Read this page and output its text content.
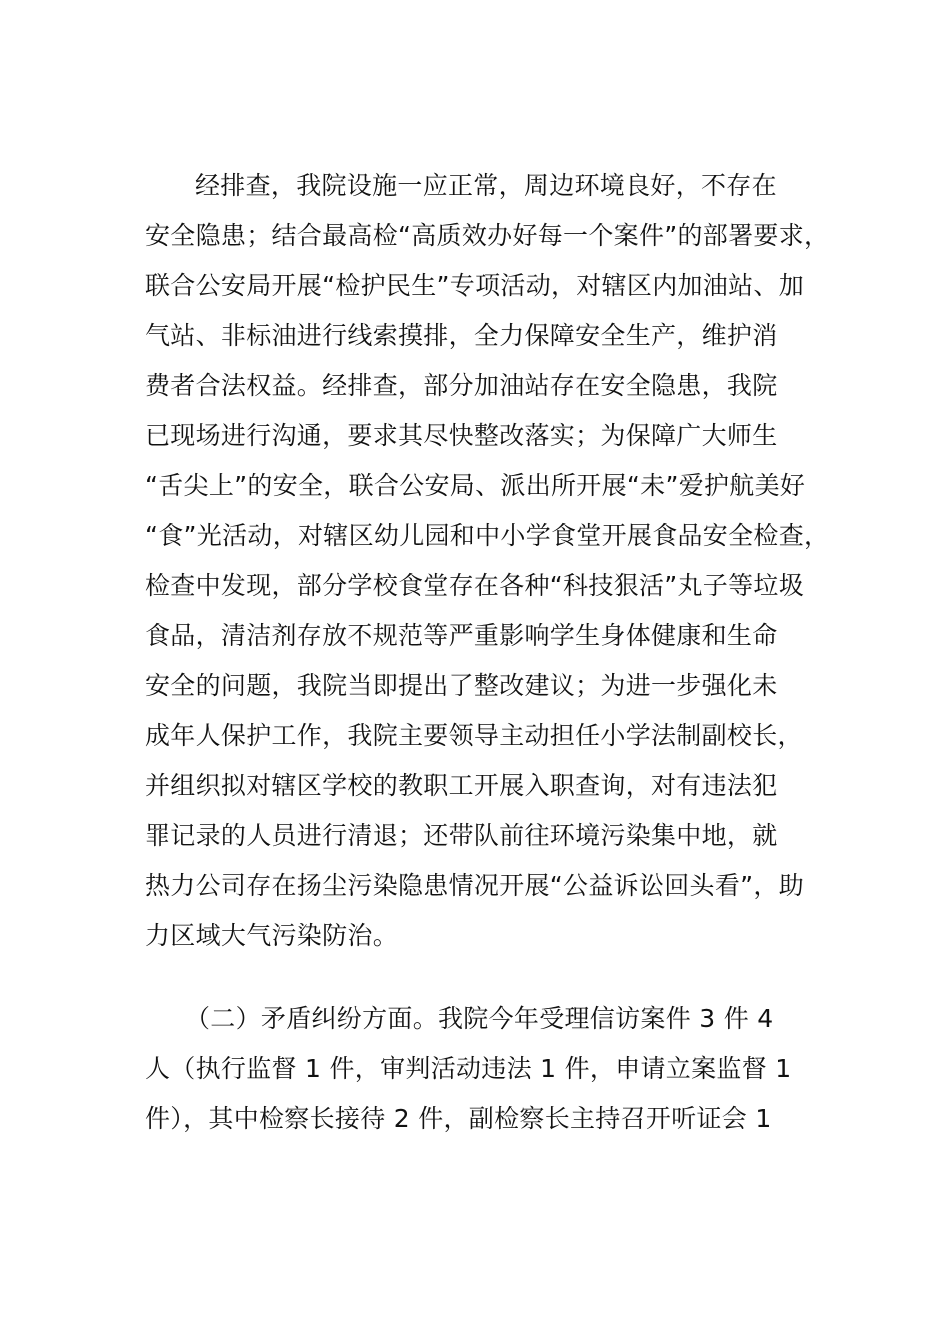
经排查，我院设施一应正常，周边环境良好，不存在
安全隐患；结合最高检“高质效办好每一个案件”的部署要求，
联合公安局开展“检护民生”专项活动，对辖区内加油站、加
气站、非标油进行线索摸排，全力保障安全生产，维护消
费者合法权益。经排查，部分加油站存在安全隐患，我院
已现场进行沟通，要求其尽快整改落实；为保障广大师生
“舌尖上”的安全，联合公安局、派出所开展“未”爱护航美好
“食”光活动，对辖区幼儿园和中小学食堂开展食品安全检查，
检查中发现，部分学校食堂存在各种“科技狠活”丸子等垃圾
食品，清洁剂存放不规范等严重影响学生身体健康和生命
安全的问题，我院当即提出了整改建议；为进一步强化未
成年人保护工作，我院主要领导主动担任小学法制副校长，
并组织拟对辖区学校的教职工开展入职查询，对有违法犯
罪记录的人员进行清退；还带队前往环境污染集中地，就
热力公司存在扬尘污染隐患情况开展“公益诉讼回头看”，助
力区域大气污染防治。
（二）矛盾纠纷方面。我院今年受理信访案件 3 件 4
人（执行监督 1 件，审判活动违法 1 件，申请立案监督 1
件），其中检察长接待 2 件，副检察长主持召开听证会 1
